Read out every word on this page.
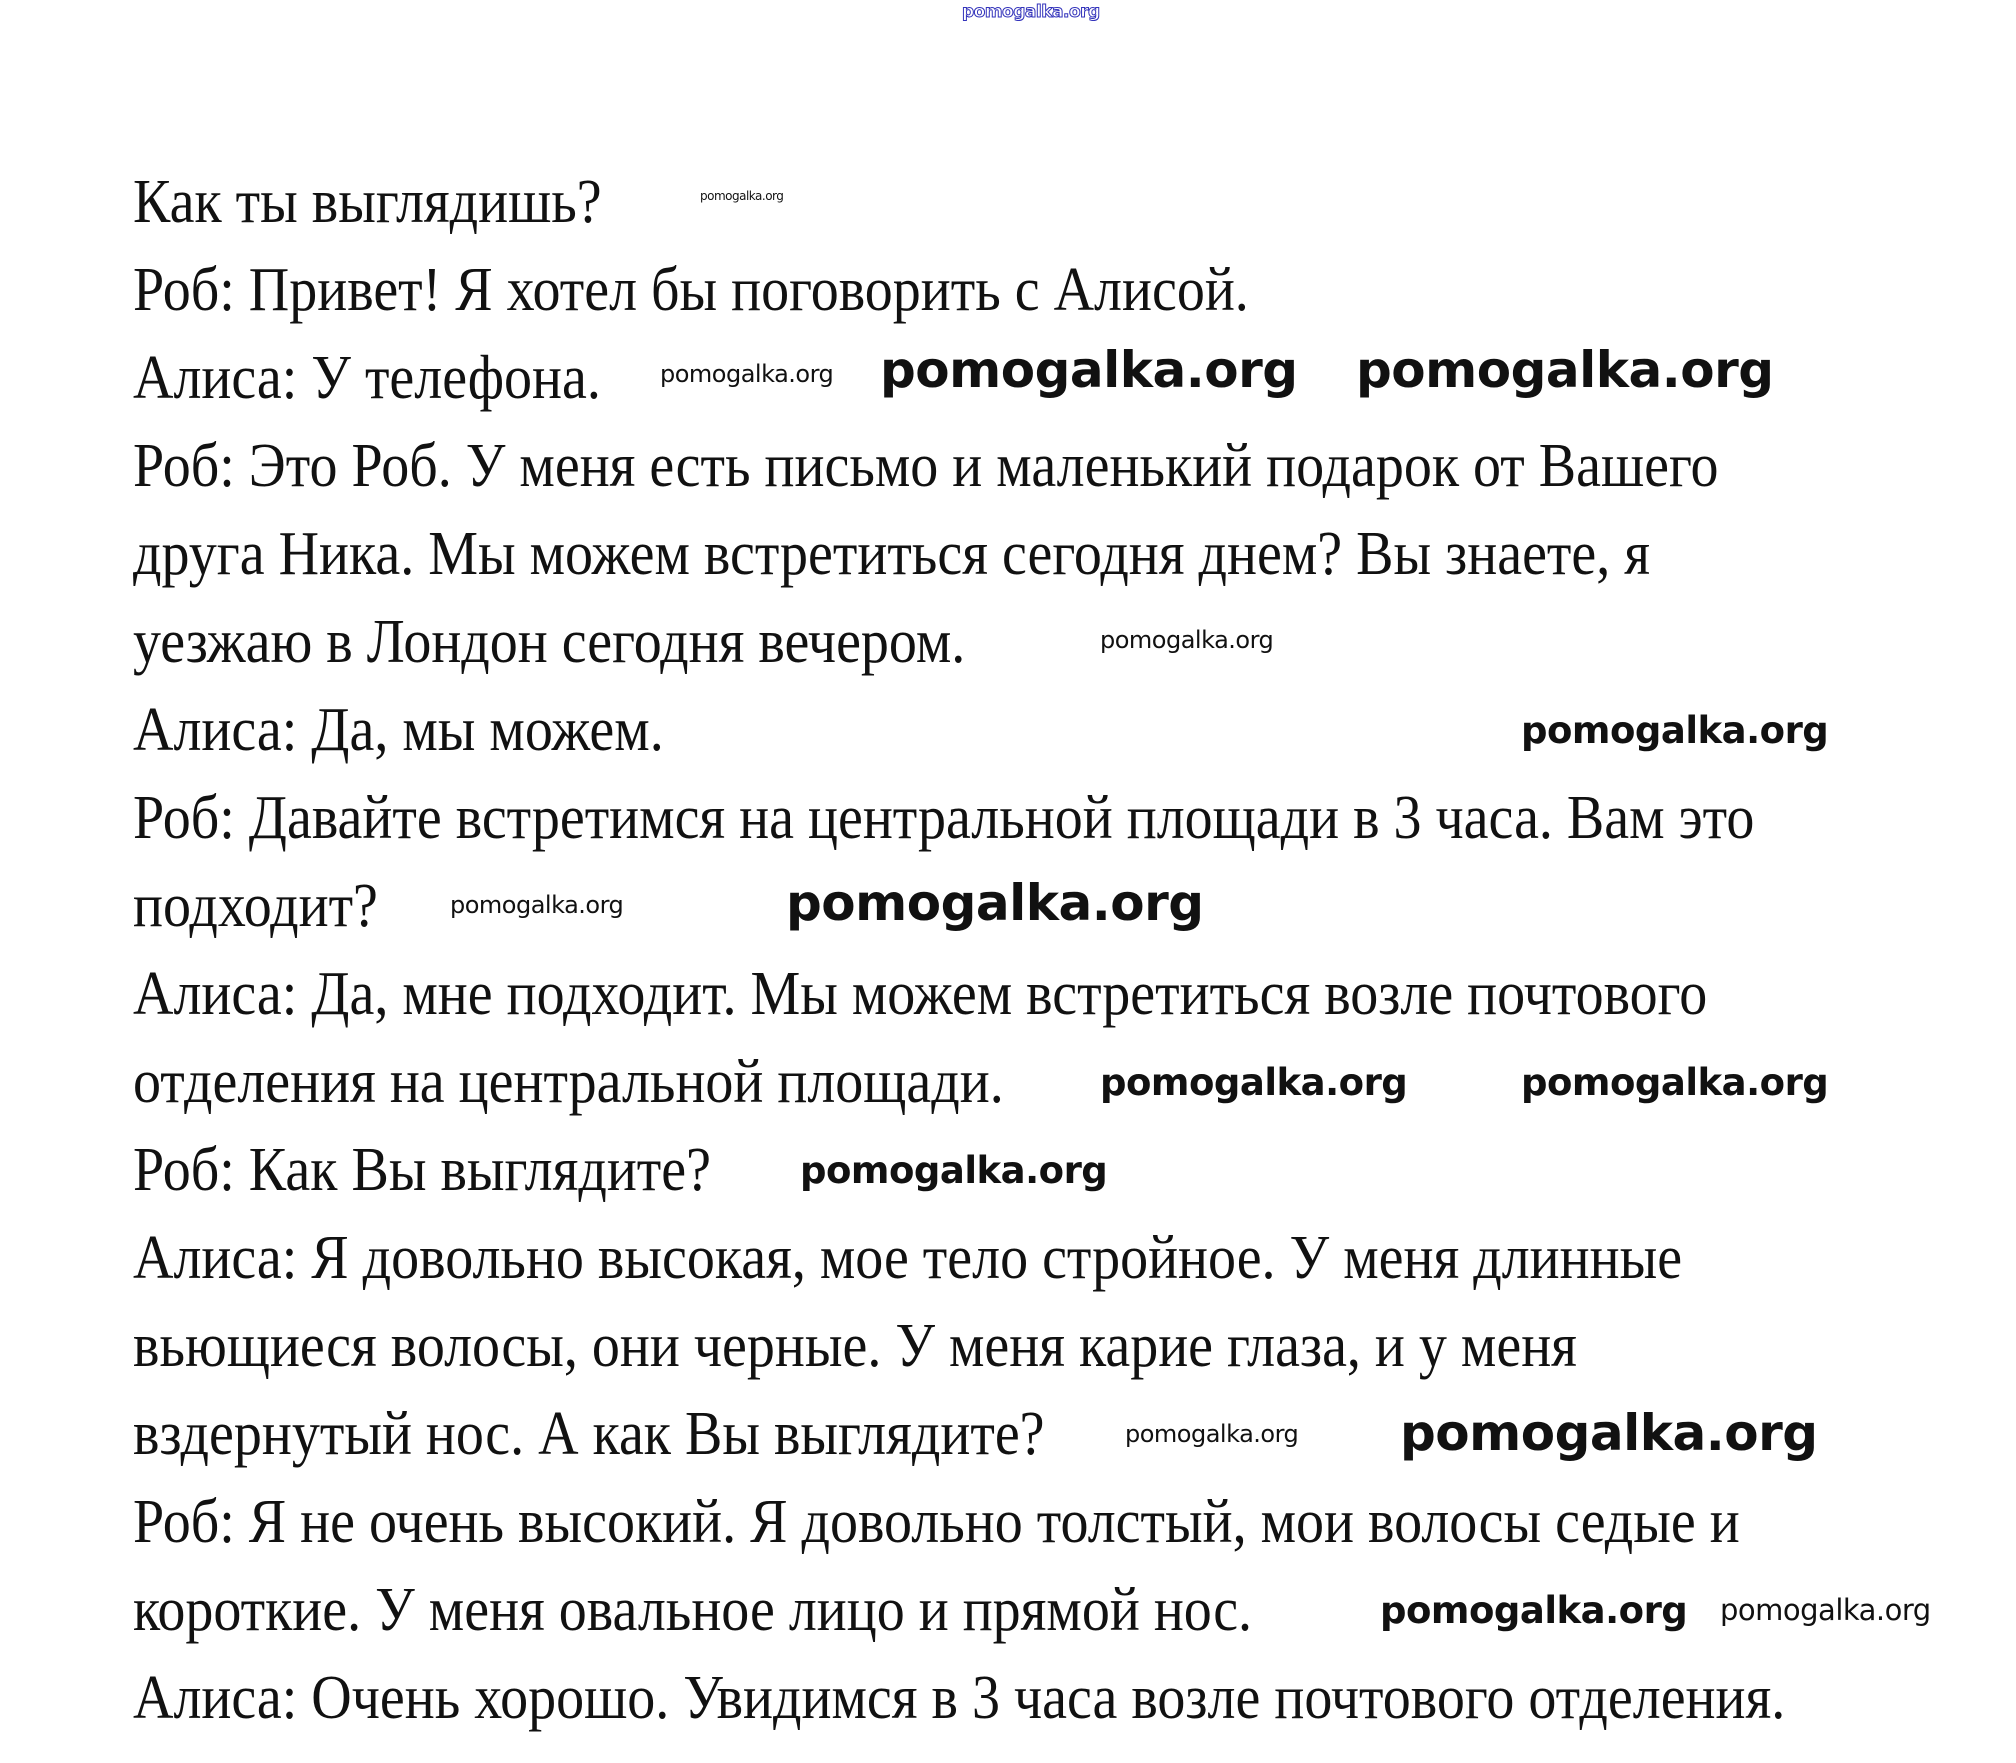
Как ты выглядишь?
Роб: Привет! Я хотел бы поговорить с Алисой.
Алиса: У телефона.
Роб: Это Роб. У меня есть письмо и маленький подарок от Вашего
друга Ника. Мы можем встретиться сегодня днем? Вы знаете, я
уезжаю в Лондон сегодня вечером.
Алиса: Да, мы можем.
Роб: Давайте встретимся на центральной площади в 3 часа. Вам это
подходит?
Алиса: Да, мне подходит. Мы можем встретиться возле почтового
отделения на центральной площади.
Роб: Как Вы выглядите?
Алиса: Я довольно высокая, мое тело стройное. У меня длинные
вьющиеся волосы, они черные. У меня карие глаза, и у меня
вздернутый нос. А как Вы выглядите?
Роб: Я не очень высокий. Я довольно толстый, мои волосы седые и
короткие. У меня овальное лицо и прямой нос.
Алиса: Очень хорошо. Увидимся в 3 часа возле почтового отделения.
pomogalka.org
pomogalka.org
pomogalka.org	pomogalka.org
pomogalka.org
pomogalka.org
pomogalka.org
pomogalka.org	pomogalka.org
pomogalka.org	pomogalka.org
pomogalka.org
pomogalka.org pomogalka.org
pomogalka.org pomogalka.org
